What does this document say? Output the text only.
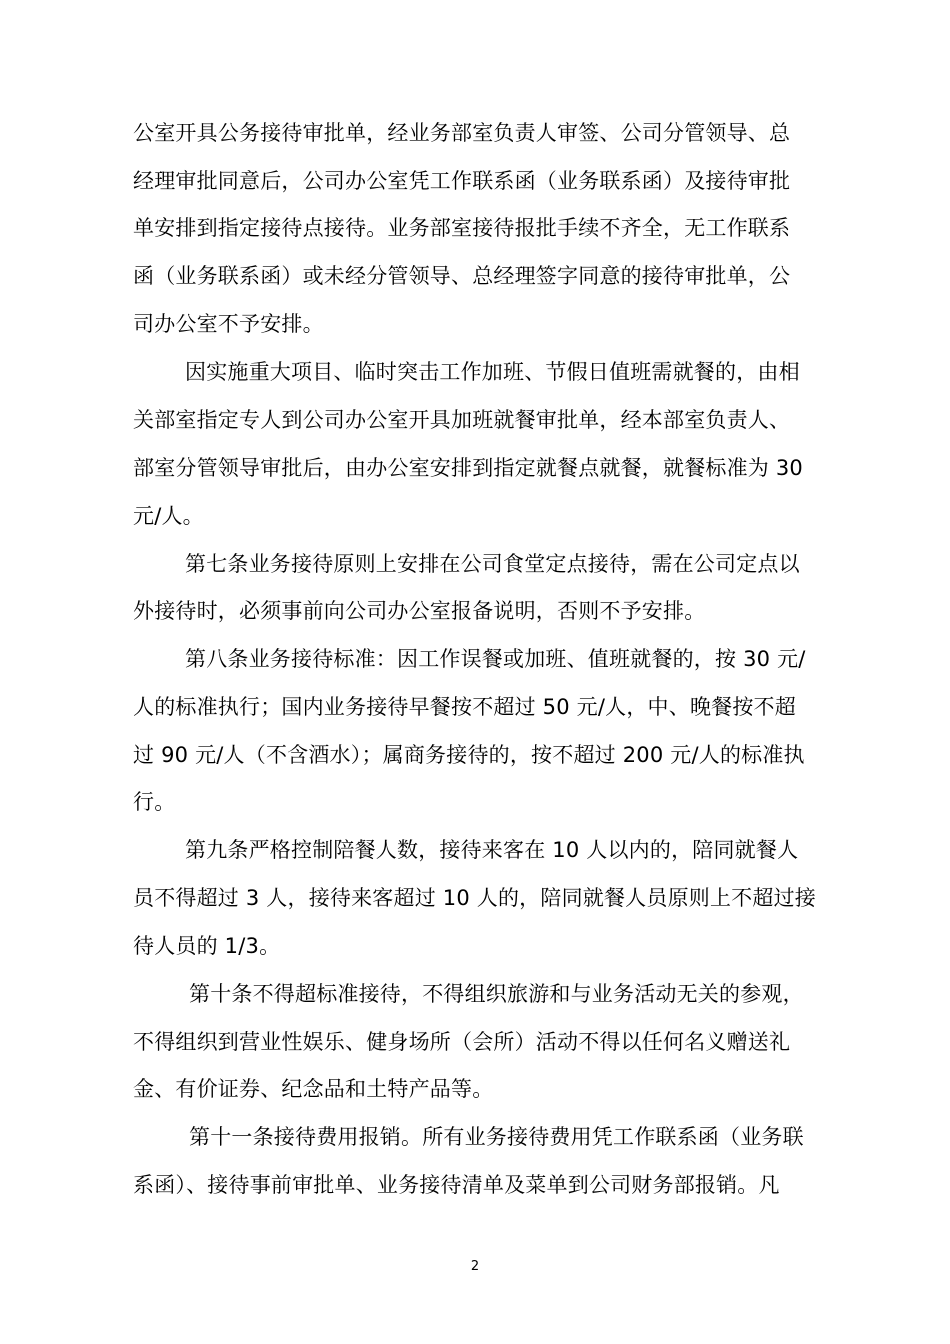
公室开具公务接待审批单，经业务部室负责人审签、公司分管领导、总
经理审批同意后，公司办公室凭工作联系函（业务联系函）及接待审批
单安排到指定接待点接待。业务部室接待报批手续不齐全，无工作联系
函（业务联系函）或未经分管领导、总经理签字同意的接待审批单，公
司办公室不予安排。
因实施重大项目、临时突击工作加班、节假日值班需就餐的，由相
关部室指定专人到公司办公室开具加班就餐审批单，经本部室负责人、
部室分管领导审批后，由办公室安排到指定就餐点就餐，就餐标准为 30
元/人。
第七条业务接待原则上安排在公司食堂定点接待，需在公司定点以
外接待时，必须事前向公司办公室报备说明，否则不予安排。
第八条业务接待标准：因工作误餐或加班、值班就餐的，按 30 元/
人的标准执行；国内业务接待早餐按不超过 50 元/人，中、晚餐按不超
过 90 元/人（不含酒水）；属商务接待的，按不超过 200 元/人的标准执
行。
第九条严格控制陪餐人数，接待来客在 10 人以内的，陪同就餐人
员不得超过 3 人，接待来客超过 10 人的，陪同就餐人员原则上不超过接
待人员的 1/3。
第十条不得超标准接待，不得组织旅游和与业务活动无关的参观，
不得组织到营业性娱乐、健身场所（会所）活动不得以任何名义赠送礼
金、有价证券、纪念品和土特产品等。
第十一条接待费用报销。所有业务接待费用凭工作联系函（业务联
系函）、接待事前审批单、业务接待清单及菜单到公司财务部报销。凡
2
